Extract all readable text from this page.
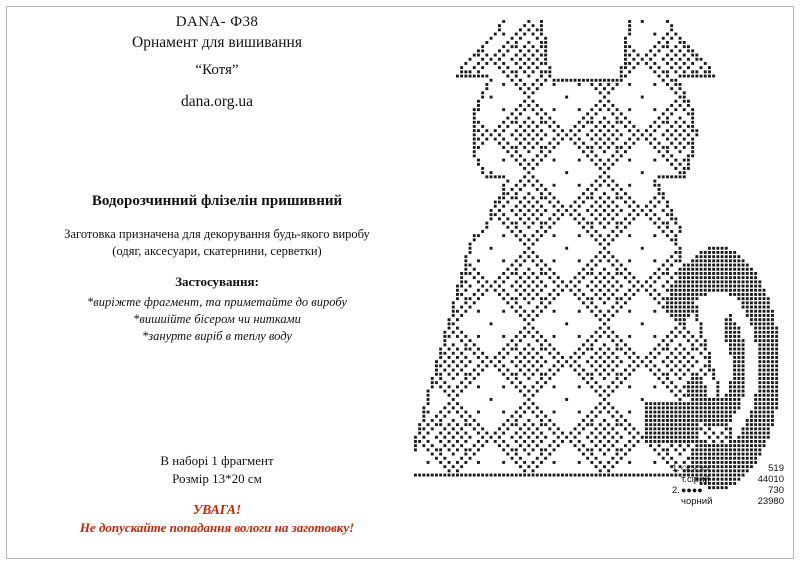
DANA- Ф38

Орнамент для вишивання

“Котя”

dana.org.ua

Водорозчинний флізелін пришивний

Заготовка призначена для декорування будь-якого виробу
(одяг, аксесуари, скатернини, серветки)

Застосування:

*вирiжте фрагмент, та приметайте до виробу
*вишиiйте бiсером чи нитками
*занурте вирiб в теплу воду

В наборі 1 фрагмент
Розмір 13*20 см

УВАГА!

Не допускайте попадання вологи на заготовку!

1. ◇◇◇◇	519
т.сірий	44010
2. ●●●●	730
чорний	23980
